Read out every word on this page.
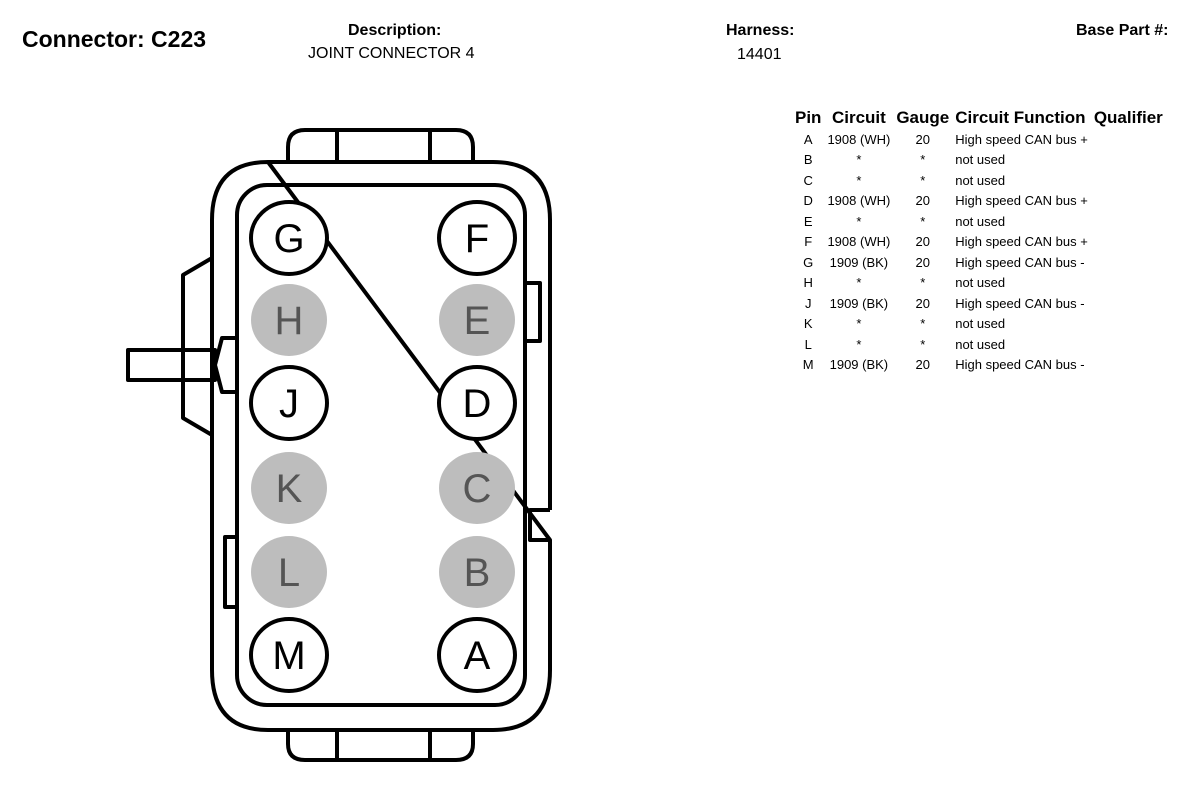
Connector: C223	Description:
JOINT CONNECTOR 4
Harness:
14401
Base Part #:
G
H
J
K
L
M
F
E
D
C
B
A
Pin	Circuit	Gauge	Circuit Function	Qualifier
A	1908 (WH)	20	High speed CAN bus +	
B	*	*	not used	
C	*	*	not used	
D	1908 (WH)	20	High speed CAN bus +	
E	*	*	not used	
F	1908 (WH)	20	High speed CAN bus +	
G	1909 (BK)	20	High speed CAN bus -	
H	*	*	not used	
J	1909 (BK)	20	High speed CAN bus -	
K	*	*	not used	
L	*	*	not used	
M	1909 (BK)	20	High speed CAN bus -	
